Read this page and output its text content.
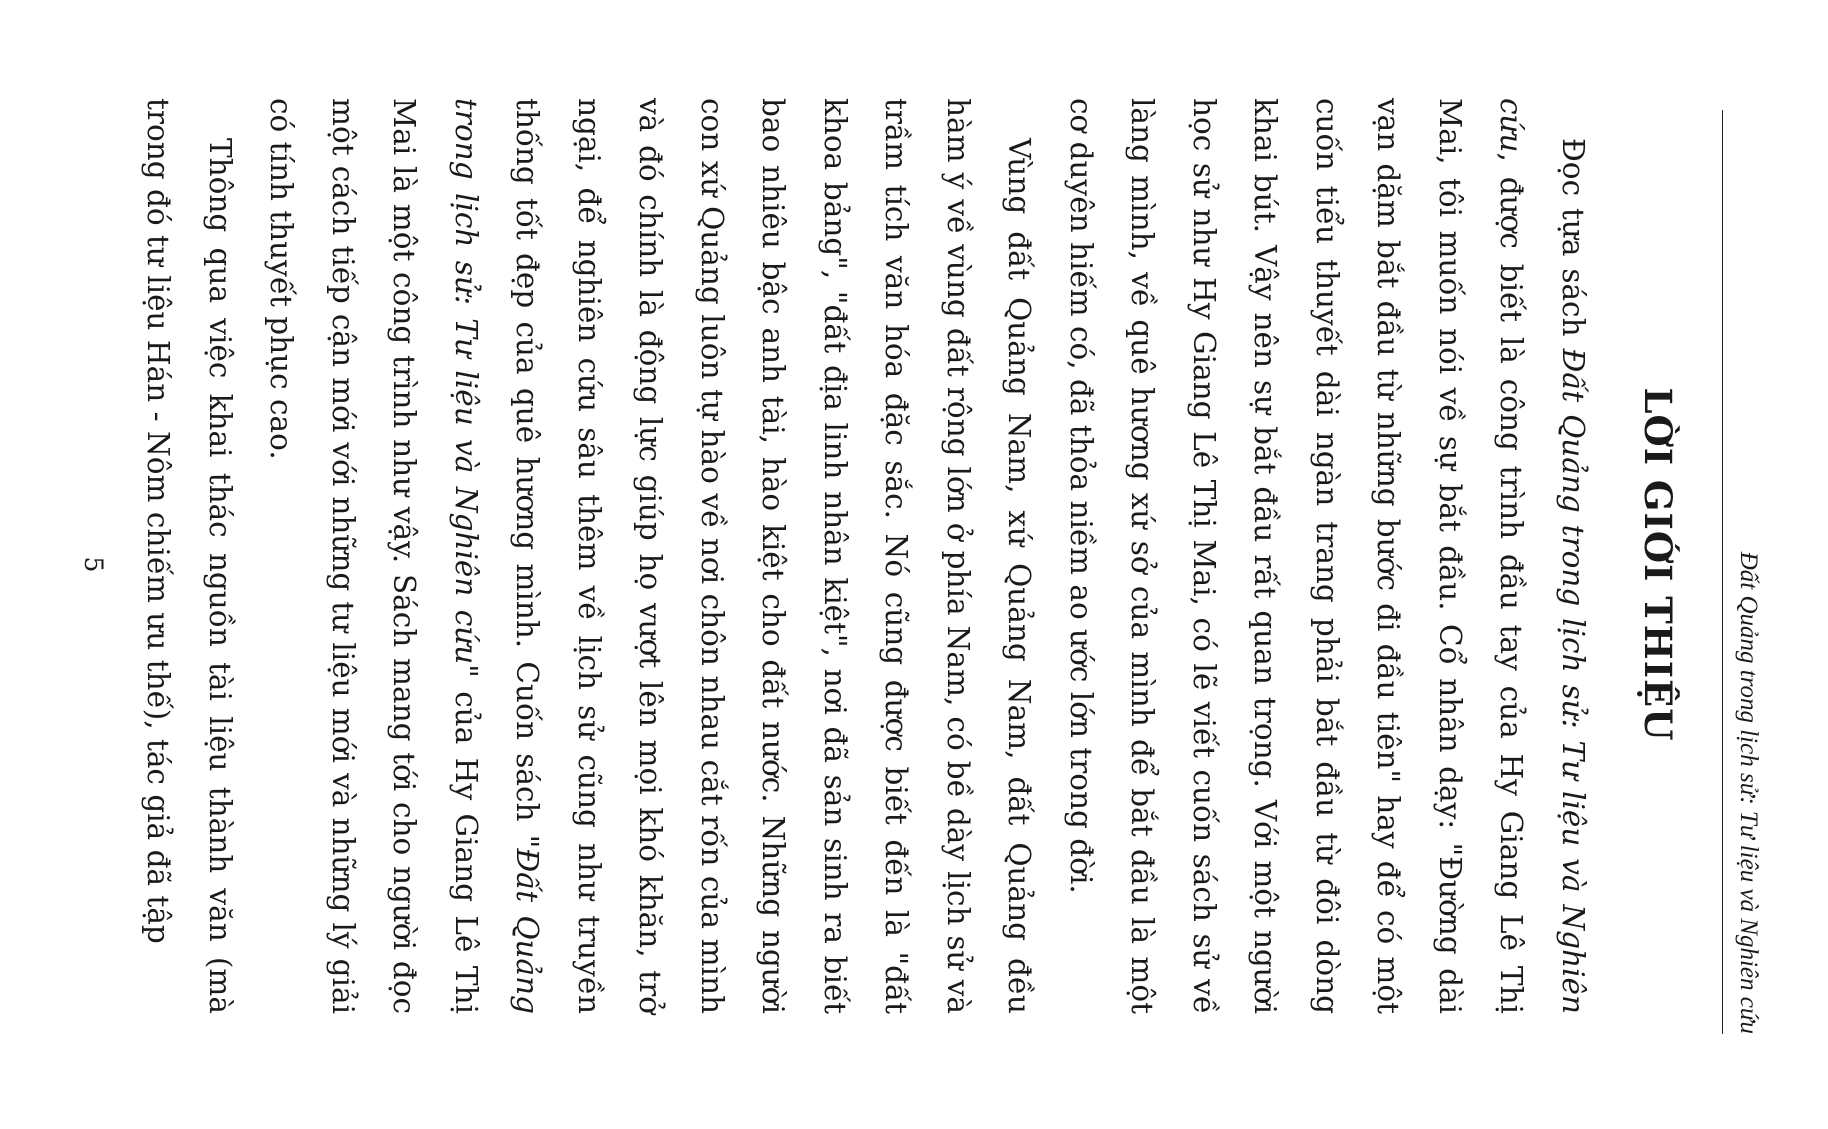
Đất Quảng trong lịch sử: Tư liệu và Nghiên cứu
LỜI GIỚI THIỆU

Đọc tựa sách Đất Quảng trong lịch sử: Tư liệu và Nghiên cứu, được biết là công trình đầu tay của Hy Giang Lê Thị Mai, tôi muốn nói về sự bắt đầu. Cổ nhân dạy: "Đường dài vạn dặm bắt đầu từ những bước đi đầu tiên" hay để có một cuốn tiểu thuyết dài ngàn trang phải bắt đầu từ đôi dòng khai bút. Vậy nên sự bắt đầu rất quan trọng. Với một người học sử như Hy Giang Lê Thị Mai, có lẽ viết cuốn sách sử về làng mình, về quê hương xứ sở của mình để bắt đầu là một cơ duyên hiếm có, đã thỏa niềm ao ước lớn trong đời.

Vùng đất Quảng Nam, xứ Quảng Nam, đất Quảng đều hàm ý về vùng đất rộng lớn ở phía Nam, có bề dày lịch sử và trầm tích văn hóa đặc sắc. Nó cũng được biết đến là "đất khoa bảng", "đất địa linh nhân kiệt", nơi đã sản sinh ra biết bao nhiêu bậc anh tài, hào kiệt cho đất nước. Những người con xứ Quảng luôn tự hào về nơi chôn nhau cắt rốn của mình và đó chính là động lực giúp họ vượt lên mọi khó khăn, trở ngại, để nghiên cứu sâu thêm về lịch sử cũng như truyền thống tốt đẹp của quê hương mình. Cuốn sách "Đất Quảng trong lịch sử: Tư liệu và Nghiên cứu" của Hy Giang Lê Thị Mai là một công trình như vậy. Sách mang tới cho người đọc một cách tiếp cận mới với những tư liệu mới và những lý giải có tính thuyết phục cao.

Thông qua việc khai thác nguồn tài liệu thành văn (mà trong đó tư liệu Hán - Nôm chiếm ưu thế), tác giả đã tập

5
